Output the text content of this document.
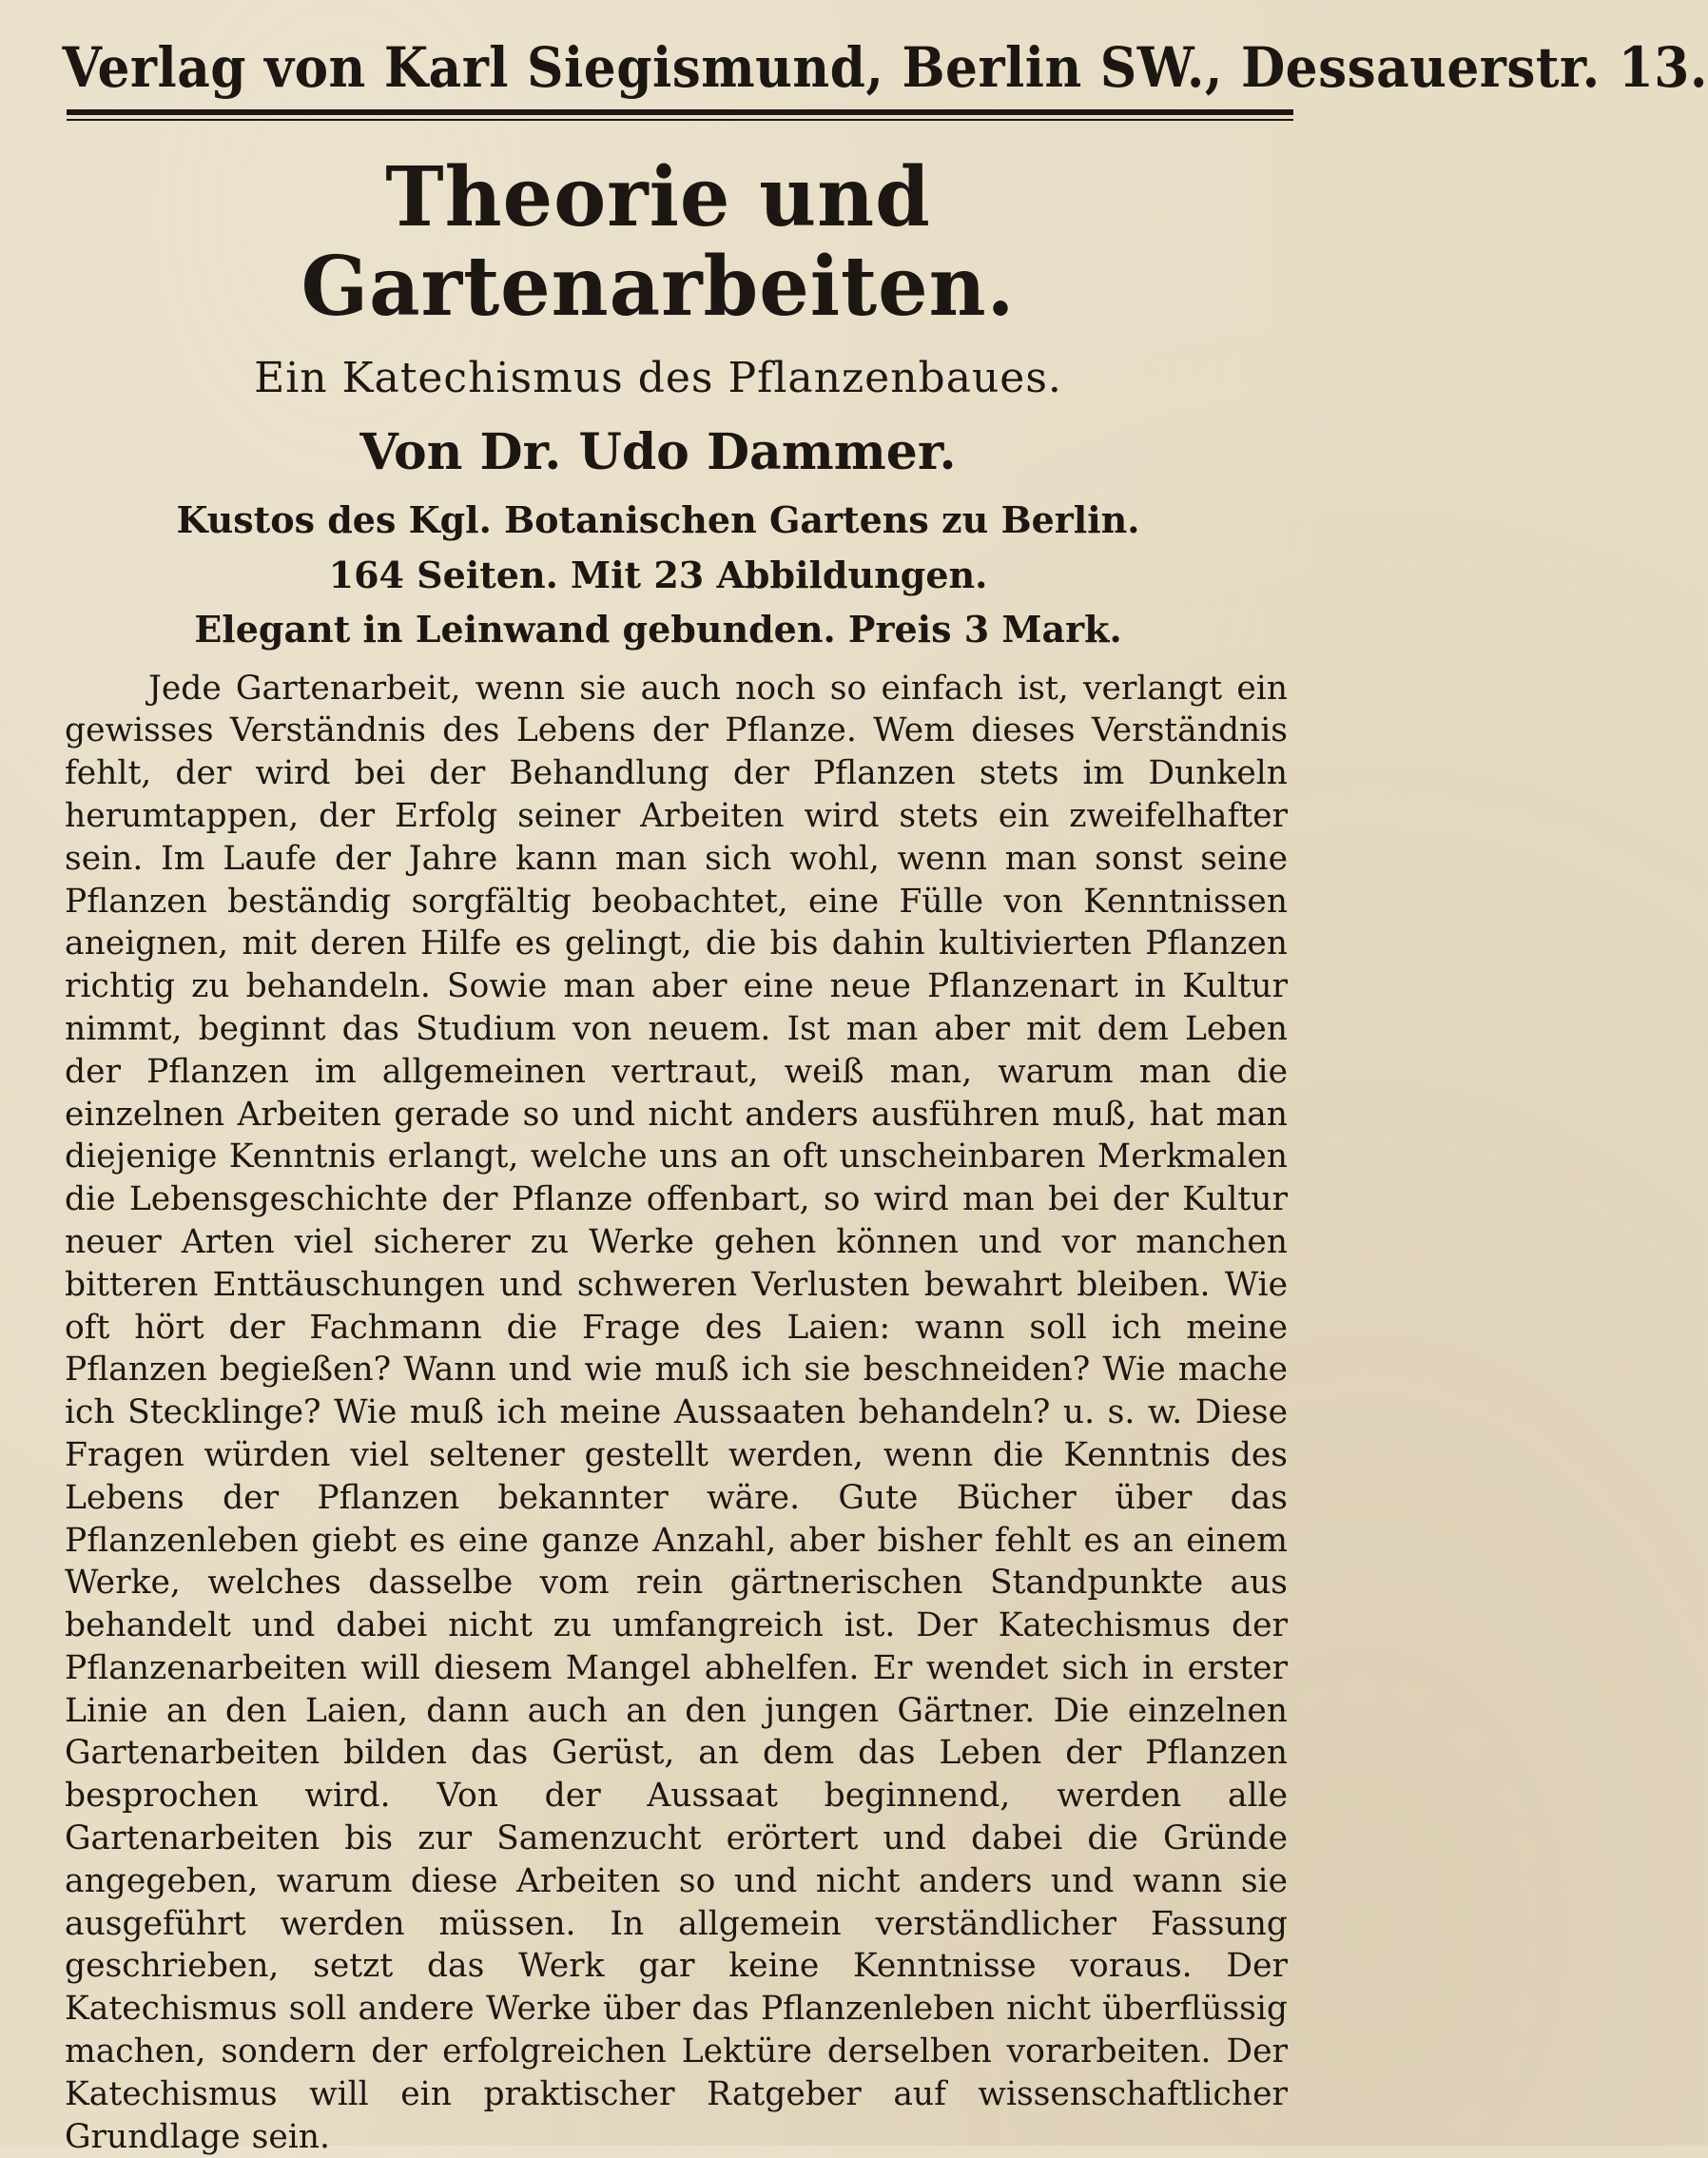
Verlag von Karl Siegismund, Berlin SW., Dessauerstr. 13.
Theorie und Gartenarbeiten.
Ein Katechismus des Pflanzenbaues.
Von Dr. Udo Dammer.
Kustos des Kgl. Botanischen Gartens zu Berlin.
164 Seiten. Mit 23 Abbildungen.
Elegant in Leinwand gebunden. Preis 3 Mark.

Jede Gartenarbeit, wenn sie auch noch so einfach ist, verlangt ein gewisses Verständnis des Lebens der Pflanze. Wem dieses Verständnis fehlt, der wird bei der Behandlung der Pflanzen stets im Dunkeln herumtappen, der Erfolg seiner Arbeiten wird stets ein zweifelhafter sein. Im Laufe der Jahre kann man sich wohl, wenn man sonst seine Pflanzen beständig sorgfältig beobachtet, eine Fülle von Kenntnissen aneignen, mit deren Hilfe es gelingt, die bis dahin kultivierten Pflanzen richtig zu behandeln. Sowie man aber eine neue Pflanzenart in Kultur nimmt, beginnt das Studium von neuem. Ist man aber mit dem Leben der Pflanzen im allgemeinen vertraut, weiß man, warum man die einzelnen Arbeiten gerade so und nicht anders ausführen muß, hat man diejenige Kenntnis erlangt, welche uns an oft unscheinbaren Merkmalen die Lebensgeschichte der Pflanze offenbart, so wird man bei der Kultur neuer Arten viel sicherer zu Werke gehen können und vor manchen bitteren Enttäuschungen und schweren Verlusten bewahrt bleiben. Wie oft hört der Fachmann die Frage des Laien: wann soll ich meine Pflanzen begießen? Wann und wie muß ich sie beschneiden? Wie mache ich Stecklinge? Wie muß ich meine Aussaaten behandeln? u. s. w. Diese Fragen würden viel seltener gestellt werden, wenn die Kenntnis des Lebens der Pflanzen bekannter wäre. Gute Bücher über das Pflanzenleben giebt es eine ganze Anzahl, aber bisher fehlt es an einem Werke, welches dasselbe vom rein gärtnerischen Standpunkte aus behandelt und dabei nicht zu umfangreich ist. Der Katechismus der Pflanzenarbeiten will diesem Mangel abhelfen. Er wendet sich in erster Linie an den Laien, dann auch an den jungen Gärtner. Die einzelnen Gartenarbeiten bilden das Gerüst, an dem das Leben der Pflanzen besprochen wird. Von der Aussaat beginnend, werden alle Gartenarbeiten bis zur Samenzucht erörtert und dabei die Gründe angegeben, warum diese Arbeiten so und nicht anders und wann sie ausgeführt werden müssen. In allgemein verständlicher Fassung geschrieben, setzt das Werk gar keine Kenntnisse voraus. Der Katechismus soll andere Werke über das Pflanzenleben nicht überflüssig machen, sondern der erfolgreichen Lektüre derselben vorarbeiten. Der Katechismus will ein praktischer Ratgeber auf wissenschaftlicher Grundlage sein.
